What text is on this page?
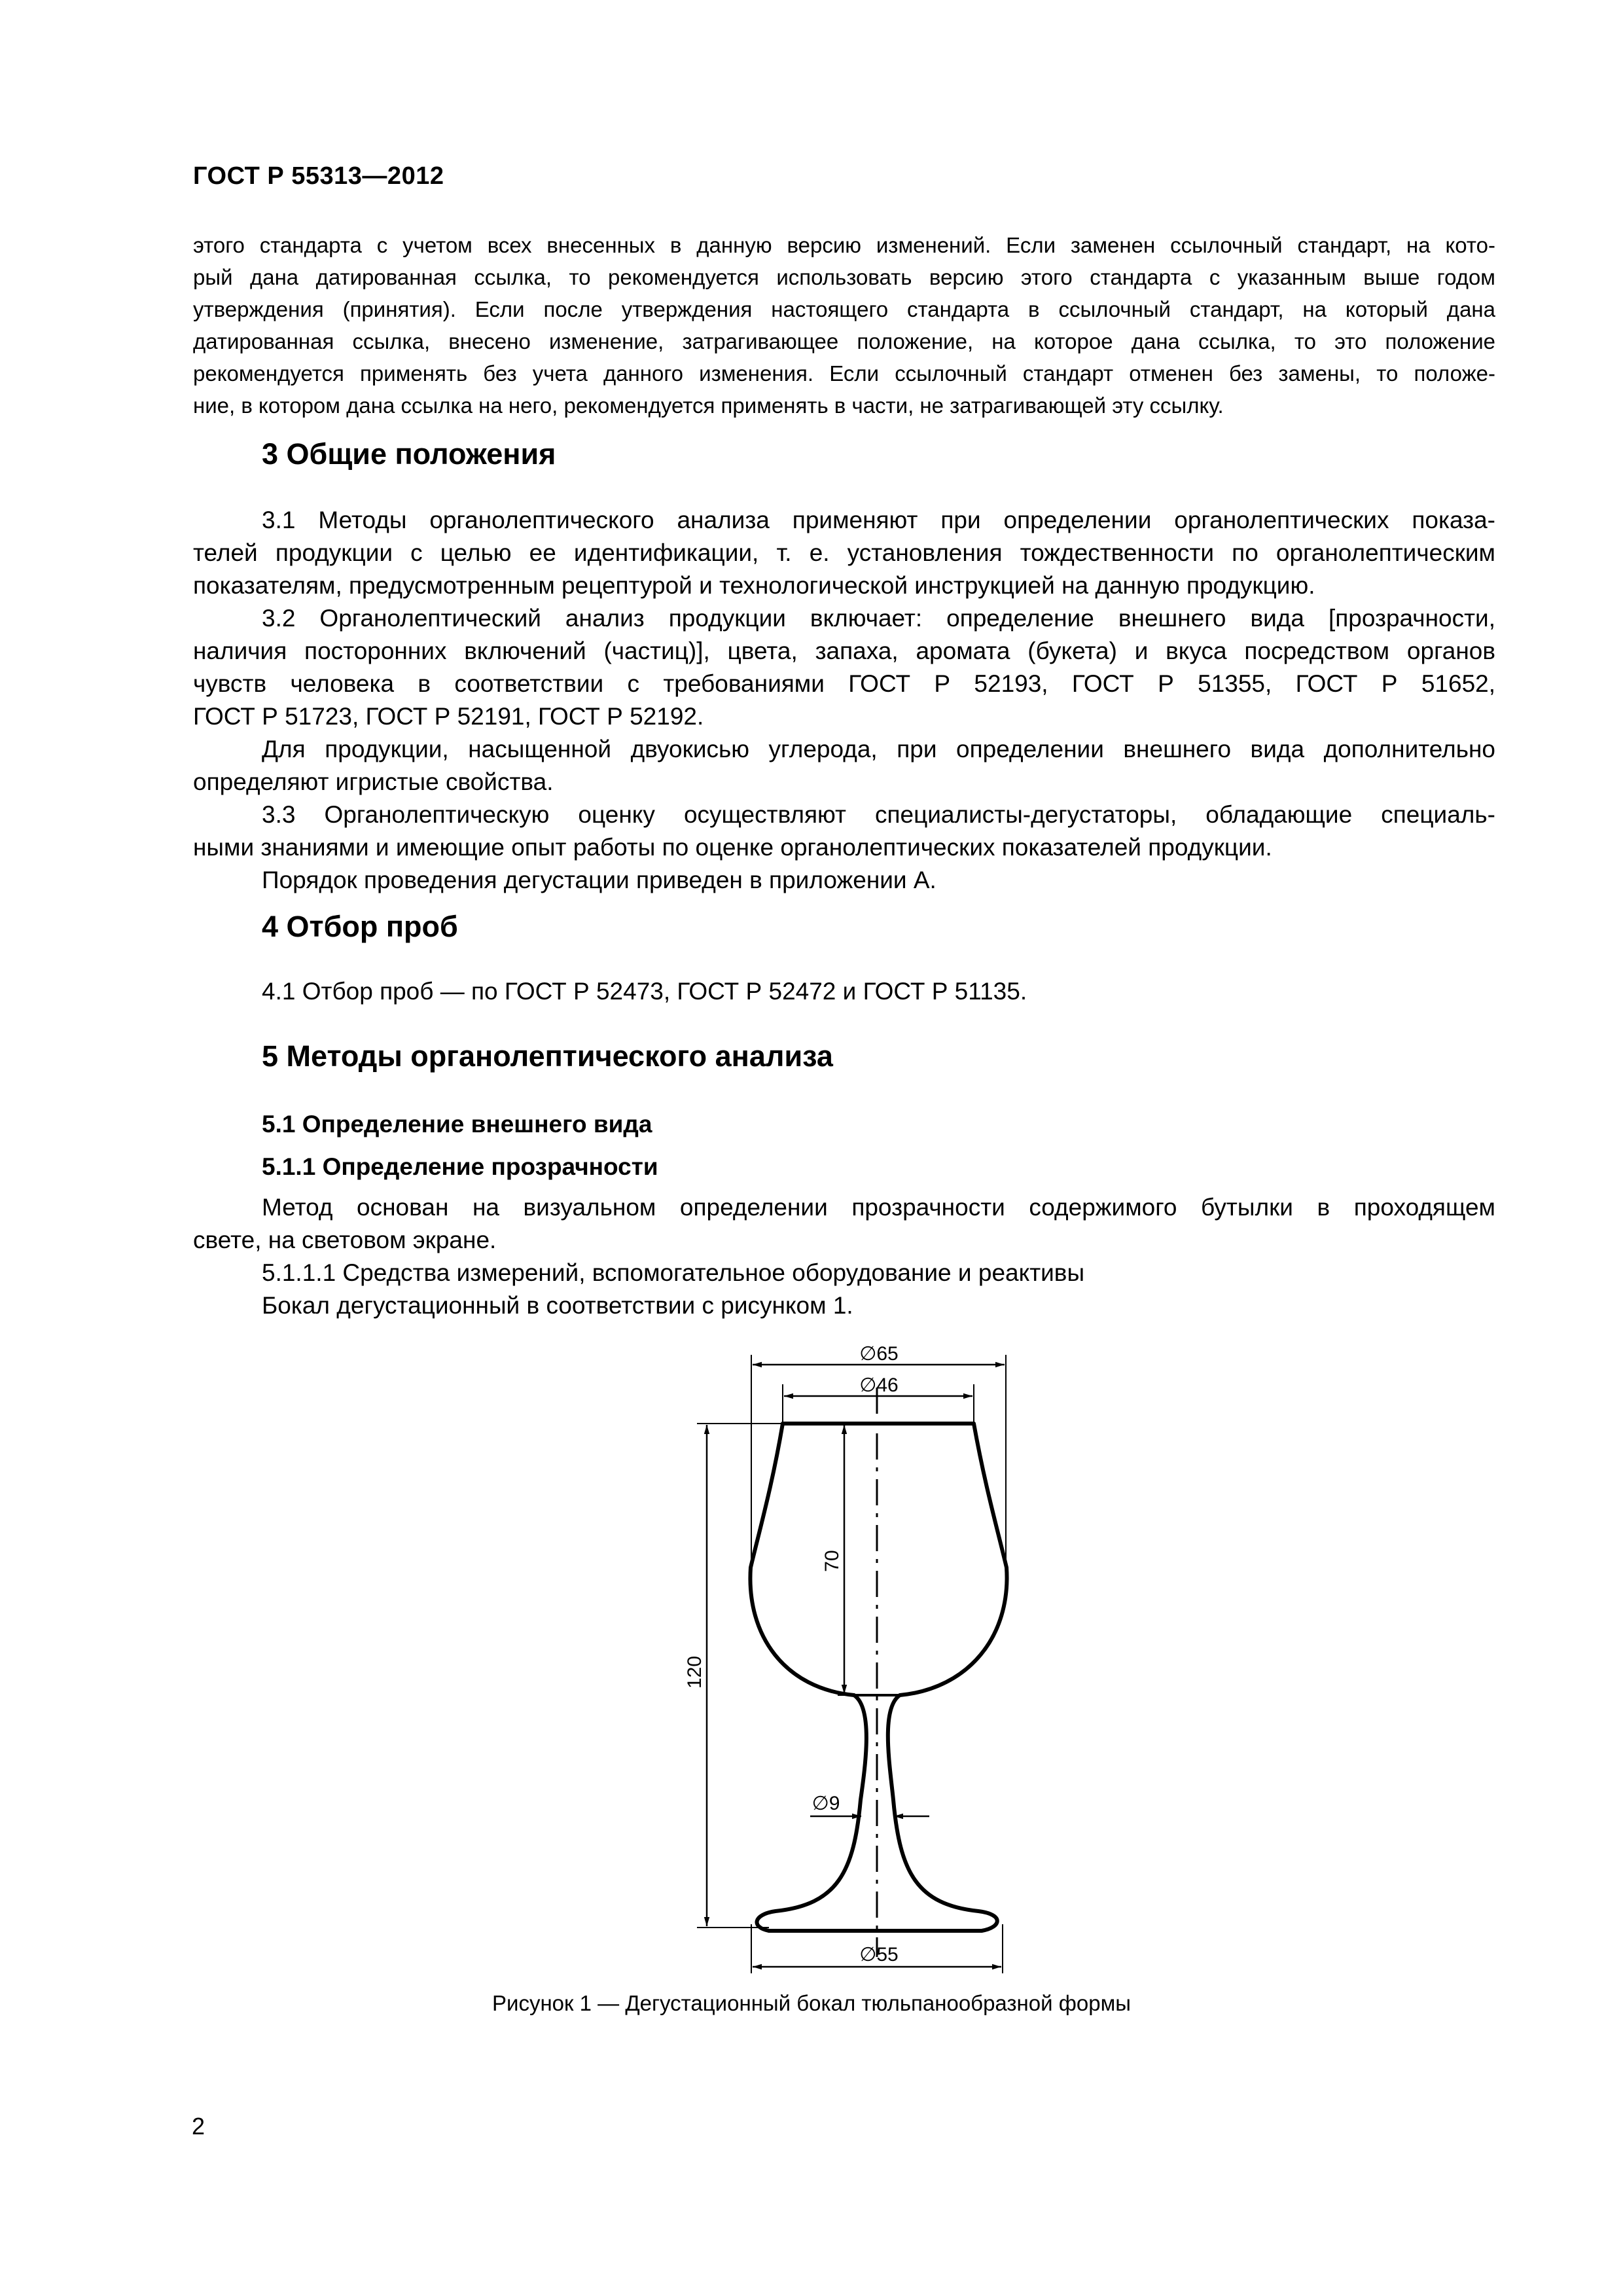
ГОСТ Р 55313—2012
этого стандарта с учетом всех внесенных в данную версию изменений. Если заменен ссылочный стандарт, на кото-
рый дана датированная ссылка, то рекомендуется использовать версию этого стандарта с указанным выше годом
утверждения (принятия). Если после утверждения настоящего стандарта в ссылочный стандарт, на который дана
датированная ссылка, внесено изменение, затрагивающее положение, на которое дана ссылка, то это положение
рекомендуется применять без учета данного изменения. Если ссылочный стандарт отменен без замены, то положе-
ние, в котором дана ссылка на него, рекомендуется применять в части, не затрагивающей эту ссылку.
3 Общие положения
3.1 Методы органолептического анализа применяют при определении органолептических показа-
телей продукции с целью ее идентификации, т. е. установления тождественности по органолептическим
показателям, предусмотренным рецептурой и технологической инструкцией на данную продукцию.
3.2 Органолептический анализ продукции включает: определение внешнего вида [прозрачности,
наличия посторонних включений (частиц)], цвета, запаха, аромата (букета) и вкуса посредством органов
чувств человека в соответствии с требованиями ГОСТ Р 52193, ГОСТ Р 51355, ГОСТ Р 51652,
ГОСТ Р 51723, ГОСТ Р 52191, ГОСТ Р 52192.
Для продукции, насыщенной двуокисью углерода, при определении внешнего вида дополнительно
определяют игристые свойства.
3.3 Органолептическую оценку осуществляют специалисты-дегустаторы, обладающие специаль-
ными знаниями и имеющие опыт работы по оценке органолептических показателей продукции.
Порядок проведения дегустации приведен в приложении А.
4 Отбор проб
4.1 Отбор проб — по ГОСТ Р 52473, ГОСТ Р 52472 и ГОСТ Р 51135.
5 Методы органолептического анализа
5.1 Определение внешнего вида
5.1.1 Определение прозрачности
Метод основан на визуальном определении прозрачности содержимого бутылки в проходящем
свете, на световом экране.
5.1.1.1 Средства измерений, вспомогательное оборудование и реактивы
Бокал дегустационный в соответствии с рисунком 1.
∅65
∅46
70
120
∅9
∅55
Рисунок 1 — Дегустационный бокал тюльпанообразной формы
2
